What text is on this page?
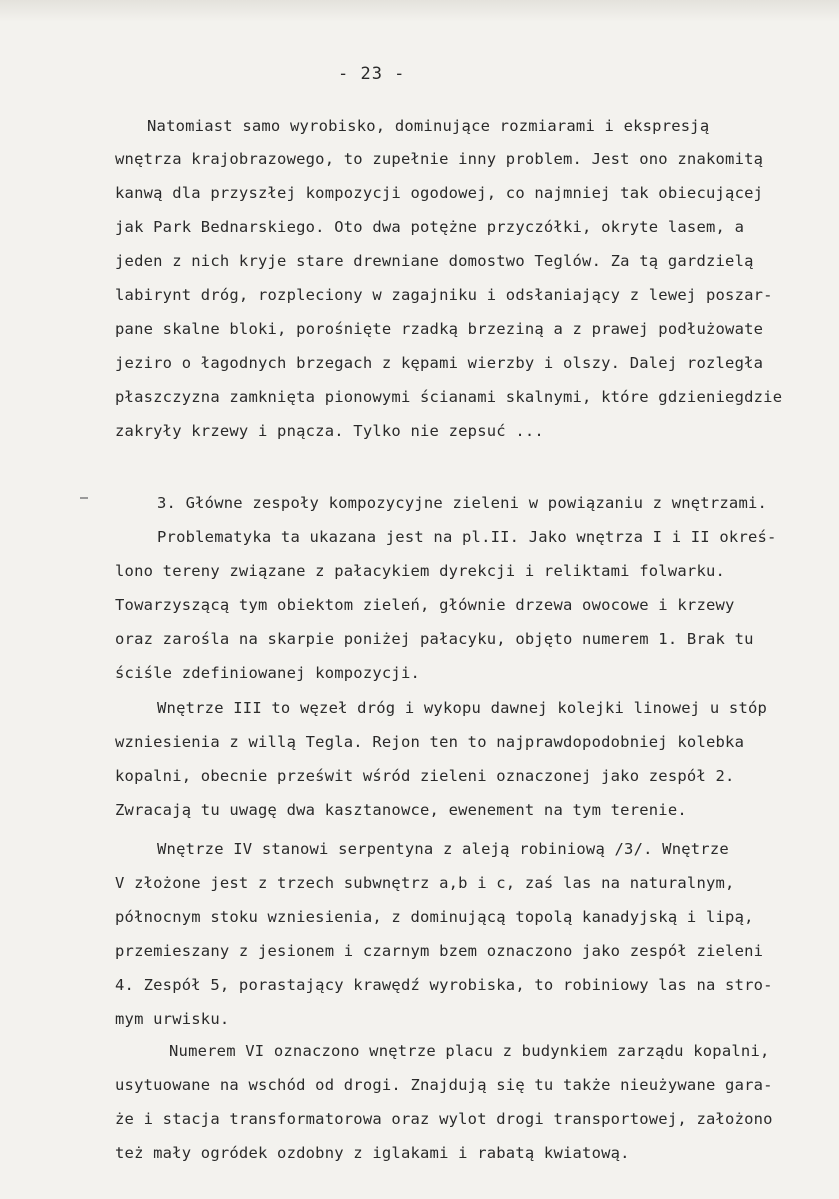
- 23 -
Natomiast samo wyrobisko, dominujące rozmiarami i ekspresją
wnętrza krajobrazowego, to zupełnie inny problem. Jest ono znakomitą
kanwą dla przyszłej kompozycji ogodowej, co najmniej tak obiecującej
jak Park Bednarskiego. Oto dwa potężne przyczółki, okryte lasem, a
jeden z nich kryje stare drewniane domostwo Teglów. Za tą gardzielą
labirynt dróg, rozpleciony w zagajniku i odsłaniający z lewej poszar-
pane skalne bloki, porośnięte rzadką brzeziną a z prawej podłużowate
jeziro o łagodnych brzegach z kępami wierzby i olszy. Dalej rozległa
płaszczyzna zamknięta pionowymi ścianami skalnymi, które gdzieniegdzie
zakryły krzewy i pnącza. Tylko nie zepsuć ...
3. Główne zespoły kompozycyjne zieleni w powiązaniu z wnętrzami.
Problematyka ta ukazana jest na pl.II. Jako wnętrza I i II okreś-
lono tereny związane z pałacykiem dyrekcji i reliktami folwarku.
Towarzyszącą tym obiektom zieleń, głównie drzewa owocowe i krzewy
oraz zarośla na skarpie poniżej pałacyku, objęto numerem 1. Brak tu
ściśle zdefiniowanej kompozycji.
Wnętrze III to węzeł dróg i wykopu dawnej kolejki linowej u stóp
wzniesienia z willą Tegla. Rejon ten to najprawdopodobniej kolebka
kopalni, obecnie prześwit wśród zieleni oznaczonej jako zespół 2.
Zwracają tu uwagę dwa kasztanowce, ewenement na tym terenie.
Wnętrze IV stanowi serpentyna z aleją robiniową /3/. Wnętrze
V złożone jest z trzech subwnętrz a,b i c, zaś las na naturalnym,
północnym stoku wzniesienia, z dominującą topolą kanadyjską i lipą,
przemieszany z jesionem i czarnym bzem oznaczono jako zespół zieleni
4. Zespół 5, porastający krawędź wyrobiska, to robiniowy las na stro-
mym urwisku.
Numerem VI oznaczono wnętrze placu z budynkiem zarządu kopalni,
usytuowane na wschód od drogi. Znajdują się tu także nieużywane gara-
że i stacja transformatorowa oraz wylot drogi transportowej, założono
też mały ogródek ozdobny z iglakami i rabatą kwiatową.
